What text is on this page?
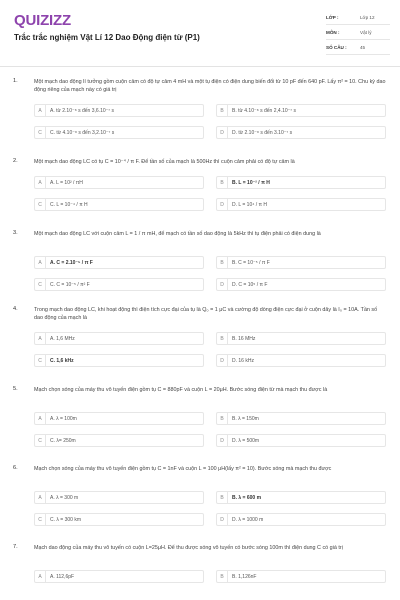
QUIZIZZ
Trắc trắc nghiệm Vật Lí 12 Dao Động điện từ (P1)
LỚP :	Lớp 12
MÔN :	Vật lý
SỐ CÂU :	45
1.	Một mạch dao động lí tưởng gồm cuộn cảm có độ tự cảm 4 mH và một tụ điện có điện dung biến đổi từ 10 pF đến 640 pF. Lấy π² = 10. Chu kỳ dao động riêng của mạch này có giá trị
A	A. từ 2.10⁻⁸ s đến 3,6.10⁻⁷ s	B	B. từ 4.10⁻⁸ s đến 2,4.10⁻⁷ s
C	C. từ 4.10⁻⁸ s đến 3,2.10⁻⁷ s	D	D. từ 2.10⁻⁸ s đến 3.10⁻⁷ s
2.	Một mạch dao động LC có tụ C = 10⁻⁴ / π F. Để tần số của mạch là 500Hz thì cuộn cảm phải có độ tự cảm là
A	A. L = 10² / πH	B	B. L = 10⁻² / π H
C	C. L = 10⁻⁴ / π H	D	D. L = 10⁴ / π H
3.	Một mạch dao động LC với cuộn cảm L = 1 / π mH, để mạch có tần số dao động là 5kHz thì tụ điện phải có điện dung là
A	A. C = 2.10⁻⁵ / π F	B	B. C = 10⁻⁵ / π F
C	C. C = 10⁻⁵ / π² F	D	D. C = 10⁵ / π F
4.	Trong mạch dao động LC, khi hoạt động thì điện tích cực đại của tụ là Q₀ = 1 μC và cường độ dòng điện cực đại ở cuộn dây là I₀ = 10A. Tần số dao động của mạch là
A	A. 1,6 MHz	B	B. 16 MHz
C	C. 1,6 kHz	D	D. 16 kHz
5.	Mạch chọn sóng của máy thu vô tuyến điện gồm tụ C = 880pF và cuộn L = 20μH. Bước sóng điện từ mà mạch thu được là
A	A. λ = 100m	B	B. λ = 150m
C	C. λ= 250m	D	D. λ = 500m
6.	Mạch chọn sóng của máy thu vô tuyến điện gồm tụ C = 1nF và cuộn L = 100 μH(lấy π² = 10). Bước sóng mà mạch thu được
A	A. λ = 300 m	B	B. λ = 600 m
C	C. λ = 300 km	D	D. λ = 1000 m
7.	Mạch dao động của máy thu vô tuyến có cuộn L=25μH. Để thu được sóng vô tuyến có bước sóng 100m thì điện dung C có giá trị
A	A. 112,6pF	B	B. 1,126nF
